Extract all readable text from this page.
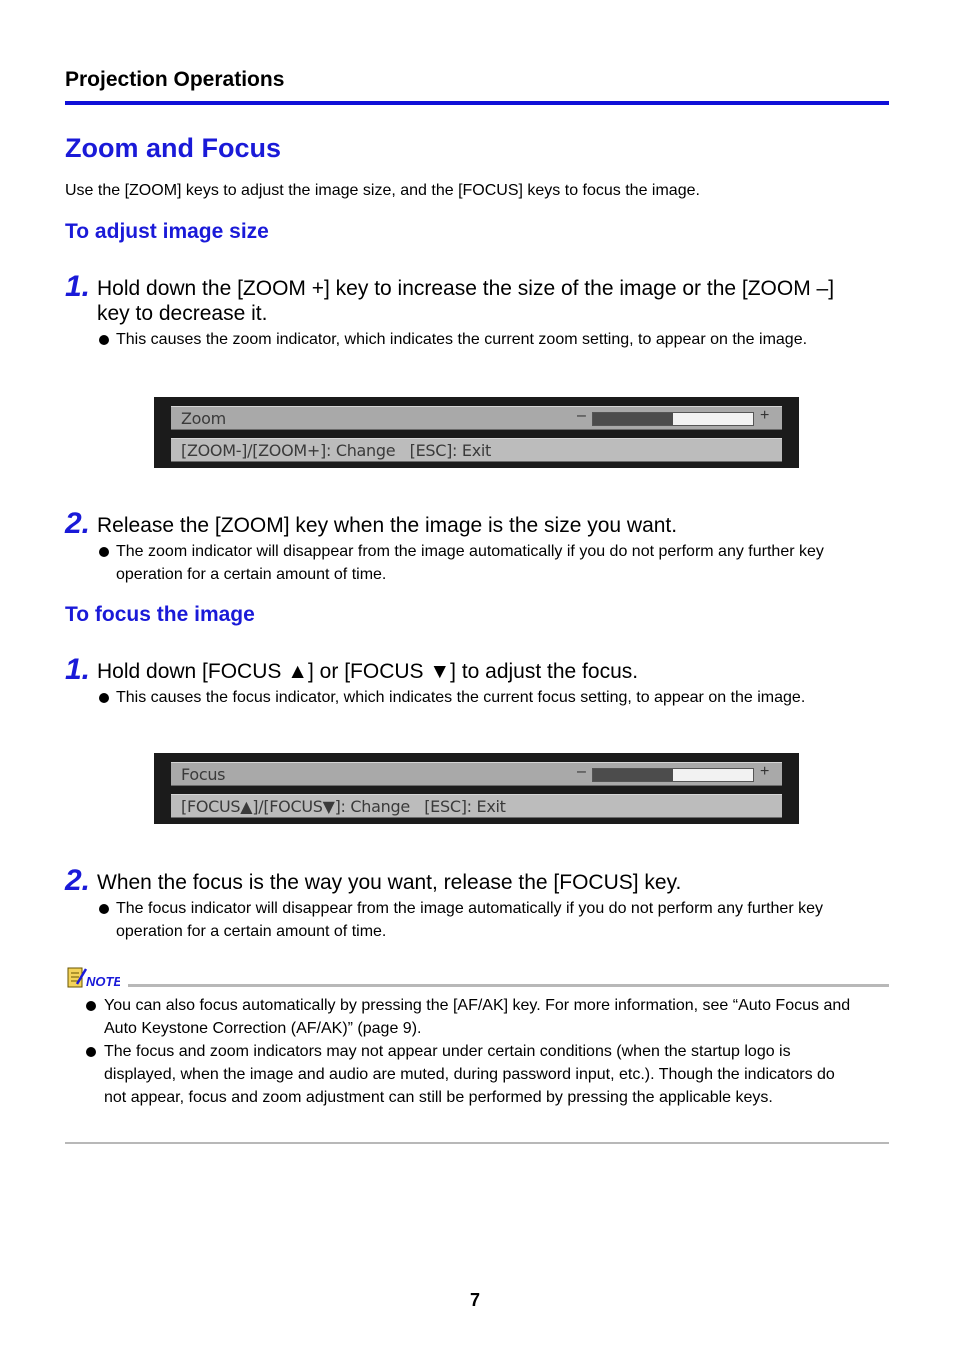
Projection Operations
Zoom and Focus
Use the [ZOOM] keys to adjust the image size, and the [FOCUS] keys to focus the image.
To adjust image size
1. Hold down the [ZOOM +] key to increase the size of the image or the [ZOOM –] key to decrease it.
This causes the zoom indicator, which indicates the current zoom setting, to appear on the image.
Zoom	–	+
[ZOOM-]/[ZOOM+]: Change   [ESC]: Exit
2. Release the [ZOOM] key when the image is the size you want.
The zoom indicator will disappear from the image automatically if you do not perform any further key operation for a certain amount of time.
To focus the image
1. Hold down [FOCUS ▲] or [FOCUS ▼] to adjust the focus.
This causes the focus indicator, which indicates the current focus setting, to appear on the image.
Focus	–	+
[FOCUS▲]/[FOCUS▼]: Change   [ESC]: Exit
2. When the focus is the way you want, release the [FOCUS] key.
The focus indicator will disappear from the image automatically if you do not perform any further key operation for a certain amount of time.
NOTE
You can also focus automatically by pressing the [AF/AK] key. For more information, see “Auto Focus and Auto Keystone Correction (AF/AK)” (page 9).
The focus and zoom indicators may not appear under certain conditions (when the startup logo is displayed, when the image and audio are muted, during password input, etc.). Though the indicators do not appear, focus and zoom adjustment can still be performed by pressing the applicable keys.
7
